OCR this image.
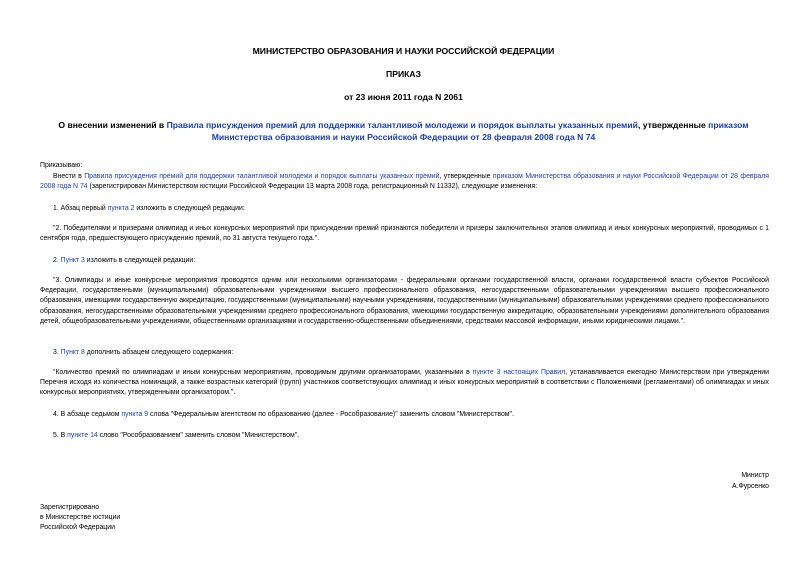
МИНИСТЕРСТВО ОБРАЗОВАНИЯ И НАУКИ РОССИЙСКОЙ ФЕДЕРАЦИИ
ПРИКАЗ
от 23 июня 2011 года N 2061
О внесении изменений в Правила присуждения премий для поддержки талантливой молодежи и порядок выплаты указанных премий, утвержденные приказом Министерства образования и науки Российской Федерации от 28 февраля 2008 года N 74
Приказываю:
Внести в Правила присуждения премий для поддержки талантливой молодежи и порядок выплаты указанных премий, утвержденные приказом Министерства образования и науки Российской Федерации от 28 февраля 2008 года N 74 (зарегистрирован Министерством юстиции Российской Федерации 13 марта 2008 года, регистрационный N 11332), следующие изменения:
1. Абзац первый пункта 2 изложить в следующей редакции:
"2. Победителями и призерами олимпиад и иных конкурсных мероприятий при присуждении премий признаются победители и призеры заключительных этапов олимпиад и иных конкурсных мероприятий, проводимых с 1 сентября года, предшествующего присуждению премий, по 31 августа текущего года.".
2. Пункт 3 изложить в следующей редакции:
"3. Олимпиады и иные конкурсные мероприятия проводятся одним или несколькими организаторами - федеральными органами государственной власти, органами государственной власти субъектов Российской Федерации, государственными (муниципальными) образовательными учреждениями высшего профессионального образования, негосударственными образовательными учреждениями высшего профессионального образования, имеющими государственную аккредитацию, государственными (муниципальными) научными учреждениями, государственными (муниципальными) образовательными учреждениями среднего профессионального образования, негосударственными образовательными учреждениями среднего профессионального образования, имеющими государственную аккредитацию, образовательными учреждениями дополнительного образования детей, общеобразовательными учреждениями, общественными организациями и государственно-общественными объединениями, средствами массовой информации, иными юридическими лицами.".
3. Пункт 8 дополнить абзацем следующего содержания:
"Количество премий по олимпиадам и иным конкурсным мероприятиям, проводимым другими организаторами, указанными в пункте 3 настоящих Правил, устанавливается ежегодно Министерством при утверждении Перечня исходя из количества номинаций, а также возрастных категорий (групп) участников соответствующих олимпиад и иных конкурсных мероприятий в соответствии с Положениями (регламентами) об олимпиадах и иных конкурсных мероприятиях, утвержденными организатором.".
4. В абзаце седьмом пункта 9 слова "Федеральным агентством по образованию (далее - Рособразование)" заменить словом "Министерством".
5. В пункте 14 слово "Рособразованием" заменить словом "Министерством".
Министр
А.Фурсенко
Зарегистрировано
в Министерстве юстиции
Российской Федерации
